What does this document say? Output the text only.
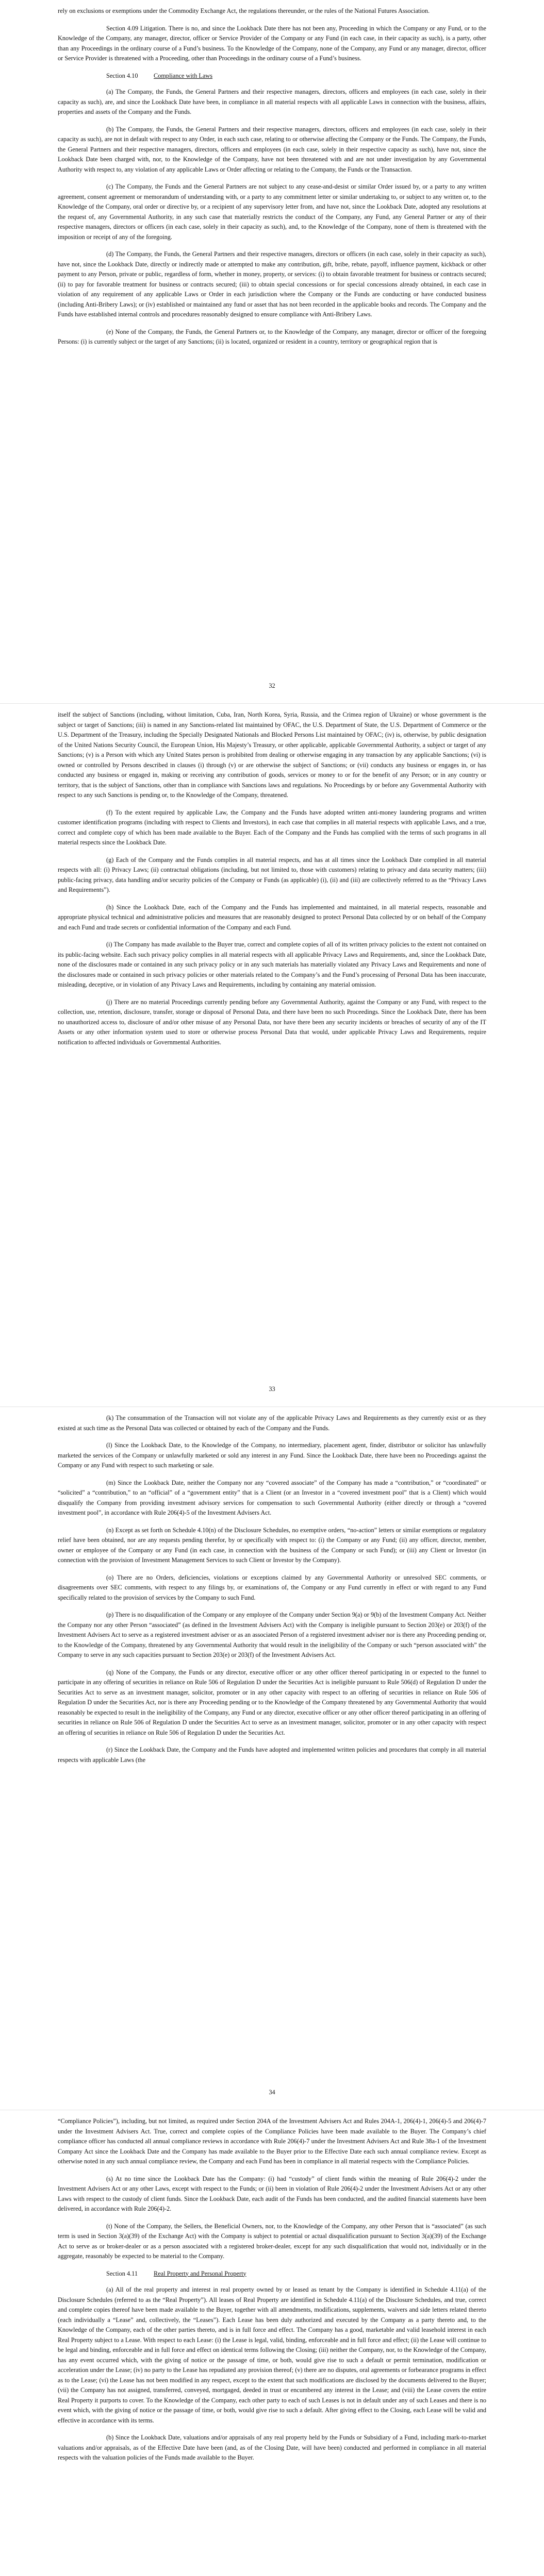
rely on exclusions or exemptions under the Commodity Exchange Act, the regulations thereunder, or the rules of the National Futures Association.

Section 4.09 Litigation. There is no, and since the Lookback Date there has not been any, Proceeding in which the Company or any Fund, or to the Knowledge of the Company, any manager, director, officer or Service Provider of the Company or any Fund (in each case, in their capacity as such), is a party, other than any Proceedings in the ordinary course of a Fund’s business. To the Knowledge of the Company, none of the Company, any Fund or any manager, director, officer or Service Provider is threatened with a Proceeding, other than Proceedings in the ordinary course of a Fund’s business.

Section 4.10 Compliance with Laws

(a) The Company, the Funds, the General Partners and their respective managers, directors, officers and employees (in each case, solely in their capacity as such), are, and since the Lookback Date have been, in compliance in all material respects with all applicable Laws in connection with the business, affairs, properties and assets of the Company and the Funds.

(b) The Company, the Funds, the General Partners and their respective managers, directors, officers and employees (in each case, solely in their capacity as such), are not in default with respect to any Order, in each such case, relating to or otherwise affecting the Company or the Funds. The Company, the Funds, the General Partners and their respective managers, directors, officers and employees (in each case, solely in their respective capacity as such), have not, since the Lookback Date been charged with, nor, to the Knowledge of the Company, have not been threatened with and are not under investigation by any Governmental Authority with respect to, any violation of any applicable Laws or Order affecting or relating to the Company, the Funds or the Transaction.

(c) The Company, the Funds and the General Partners are not subject to any cease-and-desist or similar Order issued by, or a party to any written agreement, consent agreement or memorandum of understanding with, or a party to any commitment letter or similar undertaking to, or subject to any written or, to the Knowledge of the Company, oral order or directive by, or a recipient of any supervisory letter from, and have not, since the Lookback Date, adopted any resolutions at the request of, any Governmental Authority, in any such case that materially restricts the conduct of the Company, any Fund, any General Partner or any of their respective managers, directors or officers (in each case, solely in their capacity as such), and, to the Knowledge of the Company, none of them is threatened with the imposition or receipt of any of the foregoing.

(d) The Company, the Funds, the General Partners and their respective managers, directors or officers (in each case, solely in their capacity as such), have not, since the Lookback Date, directly or indirectly made or attempted to make any contribution, gift, bribe, rebate, payoff, influence payment, kickback or other payment to any Person, private or public, regardless of form, whether in money, property, or services: (i) to obtain favorable treatment for business or contracts secured; (ii) to pay for favorable treatment for business or contracts secured; (iii) to obtain special concessions or for special concessions already obtained, in each case in violation of any requirement of any applicable Laws or Order in each jurisdiction where the Company or the Funds are conducting or have conducted business (including Anti-Bribery Laws); or (iv) established or maintained any fund or asset that has not been recorded in the applicable books and records. The Company and the Funds have established internal controls and procedures reasonably designed to ensure compliance with Anti-Bribery Laws.

(e) None of the Company, the Funds, the General Partners or, to the Knowledge of the Company, any manager, director or officer of the foregoing Persons: (i) is currently subject or the target of any Sanctions; (ii) is located, organized or resident in a country, territory or geographical region that is

32

itself the subject of Sanctions (including, without limitation, Cuba, Iran, North Korea, Syria, Russia, and the Crimea region of Ukraine) or whose government is the subject or target of Sanctions; (iii) is named in any Sanctions-related list maintained by OFAC, the U.S. Department of State, the U.S. Department of Commerce or the U.S. Department of the Treasury, including the Specially Designated Nationals and Blocked Persons List maintained by OFAC; (iv) is, otherwise, by public designation of the United Nations Security Council, the European Union, His Majesty’s Treasury, or other applicable, applicable Governmental Authority, a subject or target of any Sanctions; (v) is a Person with which any United States person is prohibited from dealing or otherwise engaging in any transaction by any applicable Sanctions; (vi) is owned or controlled by Persons described in clauses (i) through (v) or are otherwise the subject of Sanctions; or (vii) conducts any business or engages in, or has conducted any business or engaged in, making or receiving any contribution of goods, services or money to or for the benefit of any Person; or in any country or territory, that is the subject of Sanctions, other than in compliance with Sanctions laws and regulations. No Proceedings by or before any Governmental Authority with respect to any such Sanctions is pending or, to the Knowledge of the Company, threatened.

(f) To the extent required by applicable Law, the Company and the Funds have adopted written anti-money laundering programs and written customer identification programs (including with respect to Clients and Investors), in each case that complies in all material respects with applicable Laws, and a true, correct and complete copy of which has been made available to the Buyer. Each of the Company and the Funds has complied with the terms of such programs in all material respects since the Lookback Date.

(g) Each of the Company and the Funds complies in all material respects, and has at all times since the Lookback Date complied in all material respects with all: (i) Privacy Laws; (ii) contractual obligations (including, but not limited to, those with customers) relating to privacy and data security matters; (iii) public-facing privacy, data handling and/or security policies of the Company or Funds (as applicable) (i), (ii) and (iii) are collectively referred to as the “Privacy Laws and Requirements”).

(h) Since the Lookback Date, each of the Company and the Funds has implemented and maintained, in all material respects, reasonable and appropriate physical technical and administrative policies and measures that are reasonably designed to protect Personal Data collected by or on behalf of the Company and each Fund and trade secrets or confidential information of the Company and each Fund.

(i) The Company has made available to the Buyer true, correct and complete copies of all of its written privacy policies to the extent not contained on its public-facing website. Each such privacy policy complies in all material respects with all applicable Privacy Laws and Requirements, and, since the Lookback Date, none of the disclosures made or contained in any such privacy policy or in any such materials has materially violated any Privacy Laws and Requirements and none of the disclosures made or contained in such privacy policies or other materials related to the Company’s and the Fund’s processing of Personal Data has been inaccurate, misleading, deceptive, or in violation of any Privacy Laws and Requirements, including by containing any material omission.

(j) There are no material Proceedings currently pending before any Governmental Authority, against the Company or any Fund, with respect to the collection, use, retention, disclosure, transfer, storage or disposal of Personal Data, and there have been no such Proceedings. Since the Lookback Date, there has been no unauthorized access to, disclosure of and/or other misuse of any Personal Data, nor have there been any security incidents or breaches of security of any of the IT Assets or any other information system used to store or otherwise process Personal Data that would, under applicable Privacy Laws and Requirements, require notification to affected individuals or Governmental Authorities.

33

(k) The consummation of the Transaction will not violate any of the applicable Privacy Laws and Requirements as they currently exist or as they existed at such time as the Personal Data was collected or obtained by each of the Company and the Funds.

(l) Since the Lookback Date, to the Knowledge of the Company, no intermediary, placement agent, finder, distributor or solicitor has unlawfully marketed the services of the Company or unlawfully marketed or sold any interest in any Fund. Since the Lookback Date, there have been no Proceedings against the Company or any Fund with respect to such marketing or sale.

(m) Since the Lookback Date, neither the Company nor any “covered associate” of the Company has made a “contribution,” or “coordinated” or “solicited” a “contribution,” to an “official” of a “government entity” that is a Client (or an Investor in a “covered investment pool” that is a Client) which would disqualify the Company from providing investment advisory services for compensation to such Governmental Authority (either directly or through a “covered investment pool”, in accordance with Rule 206(4)-5 of the Investment Advisers Act.

(n) Except as set forth on Schedule 4.10(n) of the Disclosure Schedules, no exemptive orders, “no-action” letters or similar exemptions or regulatory relief have been obtained, nor are any requests pending therefor, by or specifically with respect to: (i) the Company or any Fund; (ii) any officer, director, member, owner or employee of the Company or any Fund (in each case, in connection with the business of the Company or such Fund); or (iii) any Client or Investor (in connection with the provision of Investment Management Services to such Client or Investor by the Company).

(o) There are no Orders, deficiencies, violations or exceptions claimed by any Governmental Authority or unresolved SEC comments, or disagreements over SEC comments, with respect to any filings by, or examinations of, the Company or any Fund currently in effect or with regard to any Fund specifically related to the provision of services by the Company to such Fund.

(p) There is no disqualification of the Company or any employee of the Company under Section 9(a) or 9(b) of the Investment Company Act. Neither the Company nor any other Person “associated” (as defined in the Investment Advisers Act) with the Company is ineligible pursuant to Section 203(e) or 203(f) of the Investment Advisers Act to serve as a registered investment adviser or as an associated Person of a registered investment adviser nor is there any Proceeding pending or, to the Knowledge of the Company, threatened by any Governmental Authority that would result in the ineligibility of the Company or such “person associated with” the Company to serve in any such capacities pursuant to Section 203(e) or 203(f) of the Investment Advisers Act.

(q) None of the Company, the Funds or any director, executive officer or any other officer thereof participating in or expected to the funnel to participate in any offering of securities in reliance on Rule 506 of Regulation D under the Securities Act is ineligible pursuant to Rule 506(d) of Regulation D under the Securities Act to serve as an investment manager, solicitor, promoter or in any other capacity with respect to an offering of securities in reliance on Rule 506 of Regulation D under the Securities Act, nor is there any Proceeding pending or to the Knowledge of the Company threatened by any Governmental Authority that would reasonably be expected to result in the ineligibility of the Company, any Fund or any director, executive officer or any other officer thereof participating in an offering of securities in reliance on Rule 506 of Regulation D under the Securities Act to serve as an investment manager, solicitor, promoter or in any other capacity with respect an offering of securities in reliance on Rule 506 of Regulation D under the Securities Act.

(r) Since the Lookback Date, the Company and the Funds have adopted and implemented written policies and procedures that comply in all material respects with applicable Laws (the

34

“Compliance Policies”), including, but not limited, as required under Section 204A of the Investment Advisers Act and Rules 204A-1, 206(4)-1, 206(4)-5 and 206(4)-7 under the Investment Advisers Act. True, correct and complete copies of the Compliance Policies have been made available to the Buyer. The Company’s chief compliance officer has conducted all annual compliance reviews in accordance with Rule 206(4)-7 under the Investment Advisers Act and Rule 38a-1 of the Investment Company Act since the Lookback Date and the Company has made available to the Buyer prior to the Effective Date each such annual compliance review. Except as otherwise noted in any such annual compliance review, the Company and each Fund has been in compliance in all material respects with the Compliance Policies.

(s) At no time since the Lookback Date has the Company: (i) had “custody” of client funds within the meaning of Rule 206(4)-2 under the Investment Advisers Act or any other Laws, except with respect to the Funds; or (ii) been in violation of Rule 206(4)-2 under the Investment Advisers Act or any other Laws with respect to the custody of client funds. Since the Lookback Date, each audit of the Funds has been conducted, and the audited financial statements have been delivered, in accordance with Rule 206(4)-2.

(t) None of the Company, the Sellers, the Beneficial Owners, nor, to the Knowledge of the Company, any other Person that is “associated” (as such term is used in Section 3(a)(39) of the Exchange Act) with the Company is subject to potential or actual disqualification pursuant to Section 3(a)(39) of the Exchange Act to serve as or broker-dealer or as a person associated with a registered broker-dealer, except for any such disqualification that would not, individually or in the aggregate, reasonably be expected to be material to the Company.

Section 4.11	Real Property and Personal Property

(a) All of the real property and interest in real property owned by or leased as tenant by the Company is identified in Schedule 4.11(a) of the Disclosure Schedules (referred to as the “Real Property”). All leases of Real Property are identified in Schedule 4.11(a) of the Disclosure Schedules, and true, correct and complete copies thereof have been made available to the Buyer, together with all amendments, modifications, supplements, waivers and side letters related thereto (each individually a “Lease” and, collectively, the “Leases”). Each Lease has been duly authorized and executed by the Company as a party thereto and, to the Knowledge of the Company, each of the other parties thereto, and is in full force and effect. The Company has a good, marketable and valid leasehold interest in each Real Property subject to a Lease. With respect to each Lease: (i) the Lease is legal, valid, binding, enforceable and in full force and effect; (ii) the Lease will continue to be legal and binding, enforceable and in full force and effect on identical terms following the Closing; (iii) neither the Company, nor, to the Knowledge of the Company, has any event occurred which, with the giving of notice or the passage of time, or both, would give rise to such a default or permit termination, modification or acceleration under the Lease; (iv) no party to the Lease has repudiated any provision thereof; (v) there are no disputes, oral agreements or forbearance programs in effect as to the Lease; (vi) the Lease has not been modified in any respect, except to the extent that such modifications are disclosed by the documents delivered to the Buyer; (vii) the Company has not assigned, transferred, conveyed, mortgaged, deeded in trust or encumbered any interest in the Lease; and (viii) the Lease covers the entire Real Property it purports to cover. To the Knowledge of the Company, each other party to each of such Leases is not in default under any of such Leases and there is no event which, with the giving of notice or the passage of time, or both, would give rise to such a default. After giving effect to the Closing, each Lease will be valid and effective in accordance with its terms.

(b) Since the Lookback Date, valuations and/or appraisals of any real property held by the Funds or Subsidiary of a Fund, including mark-to-market valuations and/or appraisals, as of the Effective Date have been (and, as of the Closing Date, will have been) conducted and performed in compliance in all material respects with the valuation policies of the Funds made available to the Buyer.
